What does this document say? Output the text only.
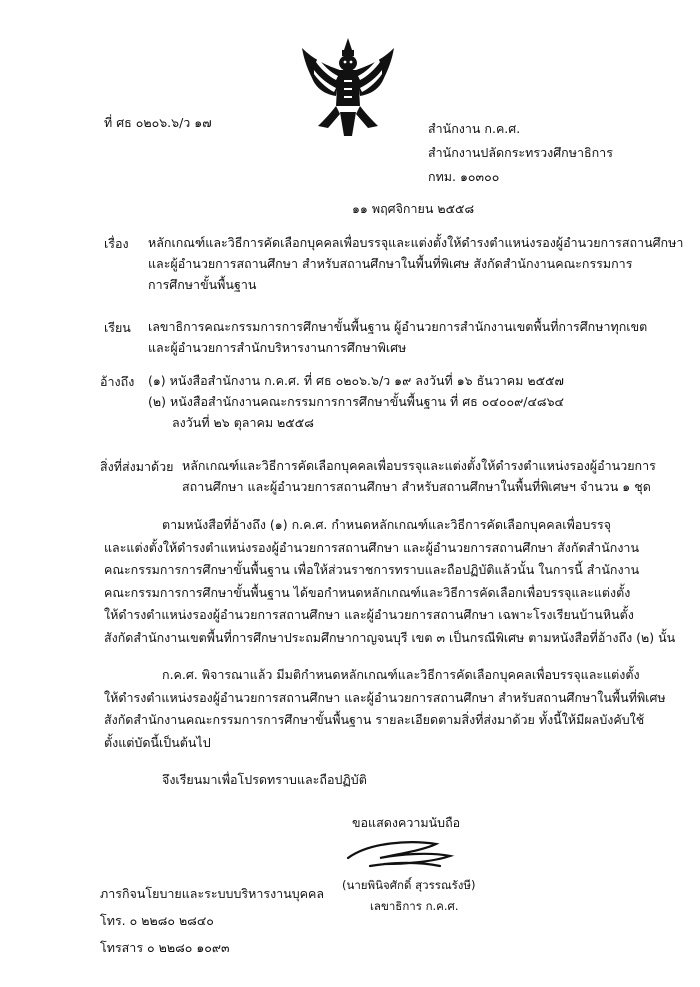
ที่ ศธ ๐๒๐๖.๖/ว ๑๗	สำนักงาน ก.ค.ศ.
สำนักงานปลัดกระทรวงศึกษาธิการ
กทม. ๑๐๓๐๐
๑๑ พฤศจิกายน ๒๕๕๘
เรื่อง หลักเกณฑ์และวิธีการคัดเลือกบุคคลเพื่อบรรจุและแต่งตั้งให้ดำรงตำแหน่งรองผู้อำนวยการสถานศึกษา
และผู้อำนวยการสถานศึกษา สำหรับสถานศึกษาในพื้นที่พิเศษ สังกัดสำนักงานคณะกรรมการ
การศึกษาขั้นพื้นฐาน
เรียน เลขาธิการคณะกรรมการการศึกษาขั้นพื้นฐาน ผู้อำนวยการสำนักงานเขตพื้นที่การศึกษาทุกเขต
และผู้อำนวยการสำนักบริหารงานการศึกษาพิเศษ
อ้างถึง (๑) หนังสือสำนักงาน ก.ค.ศ. ที่ ศธ ๐๒๐๖.๖/ว ๑๙ ลงวันที่ ๑๖ ธันวาคม ๒๕๕๗
(๒) หนังสือสำนักงานคณะกรรมการการศึกษาขั้นพื้นฐาน ที่ ศธ ๐๔๐๐๙/๔๘๖๔
ลงวันที่ ๒๖ ตุลาคม ๒๕๕๘
สิ่งที่ส่งมาด้วย หลักเกณฑ์และวิธีการคัดเลือกบุคคลเพื่อบรรจุและแต่งตั้งให้ดำรงตำแหน่งรองผู้อำนวยการ
สถานศึกษา และผู้อำนวยการสถานศึกษา สำหรับสถานศึกษาในพื้นที่พิเศษฯ จำนวน ๑ ชุด
ตามหนังสือที่อ้างถึง (๑) ก.ค.ศ. กำหนดหลักเกณฑ์และวิธีการคัดเลือกบุคคลเพื่อบรรจุ
และแต่งตั้งให้ดำรงตำแหน่งรองผู้อำนวยการสถานศึกษา และผู้อำนวยการสถานศึกษา สังกัดสำนักงาน
คณะกรรมการการศึกษาขั้นพื้นฐาน เพื่อให้ส่วนราชการทราบและถือปฏิบัติแล้วนั้น ในการนี้ สำนักงาน
คณะกรรมการการศึกษาขั้นพื้นฐาน ได้ขอกำหนดหลักเกณฑ์และวิธีการคัดเลือกเพื่อบรรจุและแต่งตั้ง
ให้ดำรงตำแหน่งรองผู้อำนวยการสถานศึกษา และผู้อำนวยการสถานศึกษา เฉพาะโรงเรียนบ้านหินตั้ง
สังกัดสำนักงานเขตพื้นที่การศึกษาประถมศึกษากาญจนบุรี เขต ๓ เป็นกรณีพิเศษ ตามหนังสือที่อ้างถึง (๒) นั้น
ก.ค.ศ. พิจารณาแล้ว มีมติกำหนดหลักเกณฑ์และวิธีการคัดเลือกบุคคลเพื่อบรรจุและแต่งตั้ง
ให้ดำรงตำแหน่งรองผู้อำนวยการสถานศึกษา และผู้อำนวยการสถานศึกษา สำหรับสถานศึกษาในพื้นที่พิเศษ
สังกัดสำนักงานคณะกรรมการการศึกษาขั้นพื้นฐาน รายละเอียดตามสิ่งที่ส่งมาด้วย ทั้งนี้ให้มีผลบังคับใช้
ตั้งแต่บัดนี้เป็นต้นไป
จึงเรียนมาเพื่อโปรดทราบและถือปฏิบัติ
ขอแสดงความนับถือ
(นายพินิจศักดิ์ สุวรรณรังษี)
เลขาธิการ ก.ค.ศ.
ภารกิจนโยบายและระบบบริหารงานบุคคล
โทร. ๐ ๒๒๘๐ ๒๘๔๐
โทรสาร ๐ ๒๒๘๐ ๑๐๙๓
